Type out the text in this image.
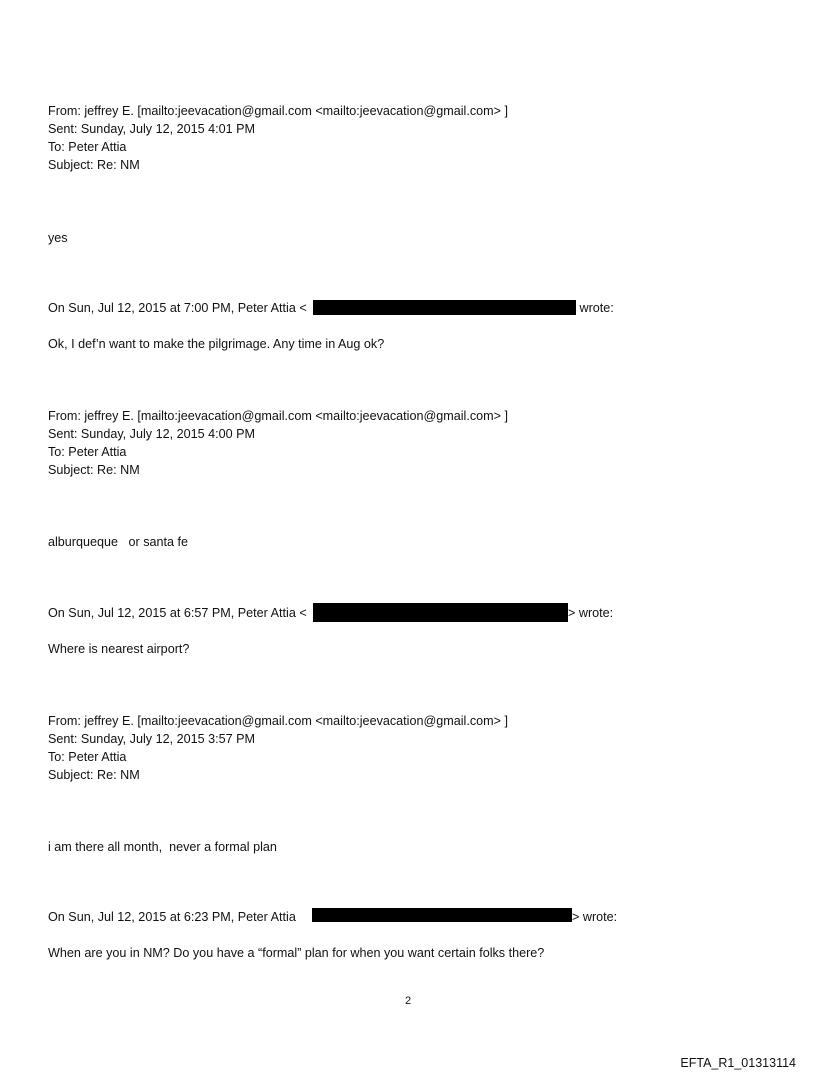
From: jeffrey E. [mailto:jeevacation@gmail.com <mailto:jeevacation@gmail.com> ]
Sent: Sunday, July 12, 2015 4:01 PM
To: Peter Attia
Subject: Re: NM
yes
On Sun, Jul 12, 2015 at 7:00 PM, Peter Attia <	wrote:
Ok, I def’n want to make the pilgrimage. Any time in Aug ok?
From: jeffrey E. [mailto:jeevacation@gmail.com <mailto:jeevacation@gmail.com> ]
Sent: Sunday, July 12, 2015 4:00 PM
To: Peter Attia
Subject: Re: NM
alburqueque   or santa fe
On Sun, Jul 12, 2015 at 6:57 PM, Peter Attia <	> wrote:
Where is nearest airport?
From: jeffrey E. [mailto:jeevacation@gmail.com <mailto:jeevacation@gmail.com> ]
Sent: Sunday, July 12, 2015 3:57 PM
To: Peter Attia
Subject: Re: NM
i am there all month,  never a formal plan
On Sun, Jul 12, 2015 at 6:23 PM, Peter Attia	> wrote:
When are you in NM? Do you have a “formal” plan for when you want certain folks there?
2
EFTA_R1_01313114
